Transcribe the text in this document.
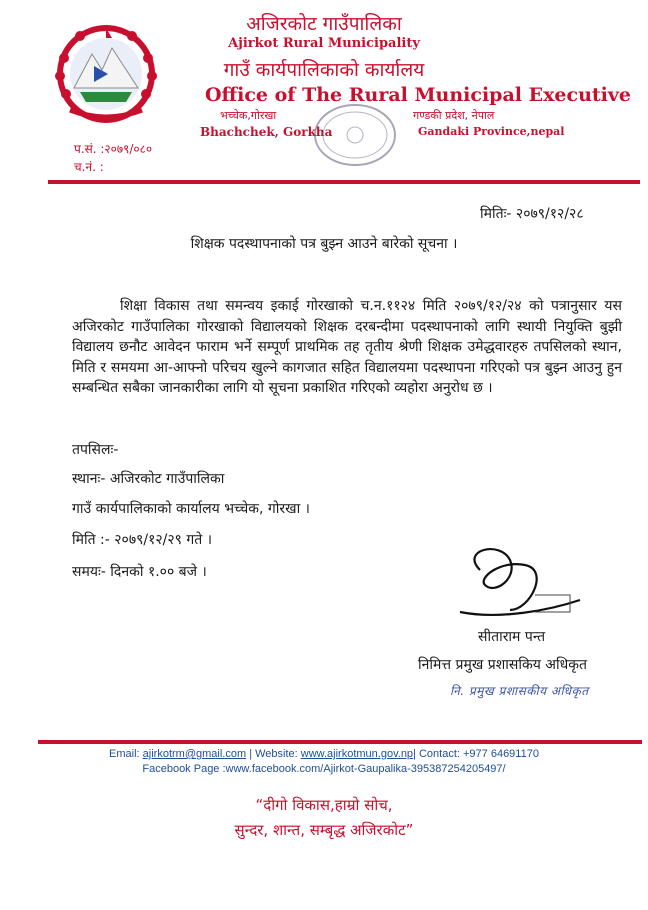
अजिरकोट गाउँपालिका
Ajirkot Rural Municipality
गाउँ कार्यपालिकाको कार्यालय
Office of The Rural Municipal Executive
भच्चेक,गोरखा
Bhachchek, Gorkha
गण्डकी प्रदेश, नेपाल
Gandaki Province,nepal
प.सं. :२०७९/०८०
च.नं. :
मितिः- २०७९/१२/२८
शिक्षक पदस्थापनाको पत्र बुझ्न आउने बारेको सूचना ।
शिक्षा विकास तथा समन्वय इकाई गोरखाको च.न.११२४ मिति २०७९/१२/२४ को पत्रानुसार यस अजिरकोट गाउँपालिका गोरखाको विद्यालयको शिक्षक दरबन्दीमा पदस्थापनाको लागि स्थायी नियुक्ति बुझी विद्यालय छनौट आवेदन फाराम भर्ने सम्पूर्ण प्राथमिक तह तृतीय श्रेणी शिक्षक उमेद्धवारहरु तपसिलको स्थान, मिति र समयमा आ-आफ्नो परिचय खुल्ने कागजात सहित विद्यालयमा पदस्थापना गरिएको पत्र बुझ्न आउनु हुन सम्बन्धित सबैका जानकारीका लागि यो सूचना प्रकाशित गरिएको व्यहोरा अनुरोध छ ।
तपसिलः-
स्थानः- अजिरकोट गाउँपालिका
गाउँ कार्यपालिकाको कार्यालय भच्चेक, गोरखा ।
मिति :- २०७९/१२/२९ गते ।
समयः- दिनको १.०० बजे ।
सीताराम पन्त
निमित्त प्रमुख प्रशासकिय अधिकृत
नि. प्रमुख प्रशासकीय अधिकृत
Email: ajirkotrm@gmail.com | Website: www.ajirkotmun.gov.np| Contact: +977 64691170
Facebook Page :www.facebook.com/Ajirkot-Gaupalika-395387254205497/
“दीगो विकास,हाम्रो सोच,
सुन्दर, शान्त, सम्बृद्ध अजिरकोट”
